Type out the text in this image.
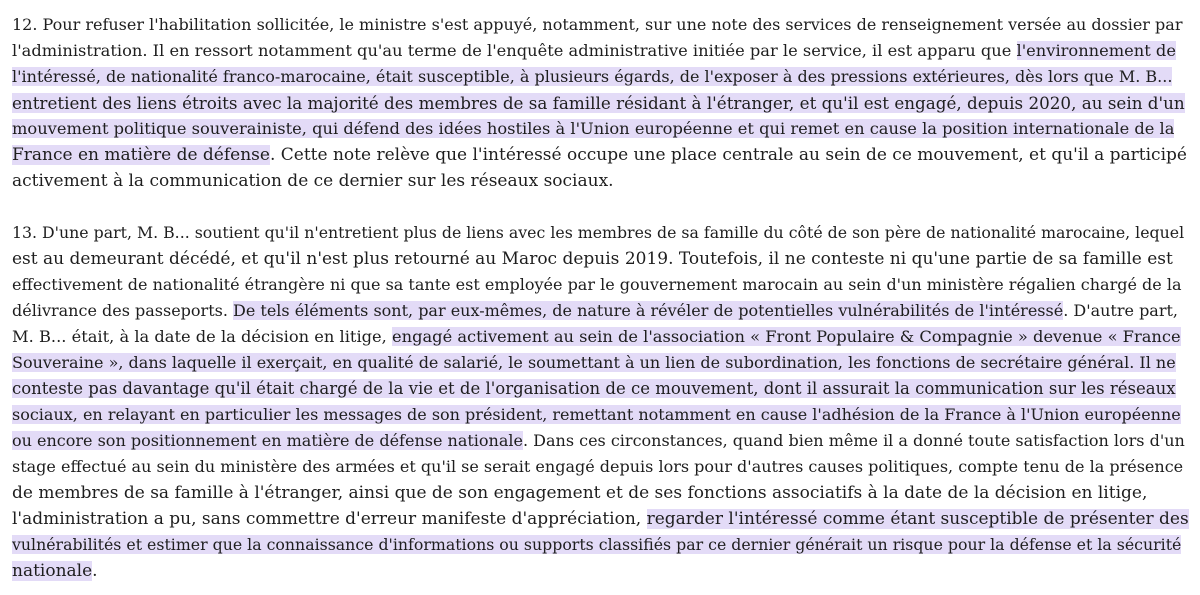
12. Pour refuser l'habilitation sollicitée, le ministre s'est appuyé, notamment, sur une note des services de renseignement versée au dossier par
l'administration. Il en ressort notamment qu'au terme de l'enquête administrative initiée par le service, il est apparu que l'environnement de
l'intéressé, de nationalité franco-marocaine, était susceptible, à plusieurs égards, de l'exposer à des pressions extérieures, dès lors que M. B...
entretient des liens étroits avec la majorité des membres de sa famille résidant à l'étranger, et qu'il est engagé, depuis 2020, au sein d'un
mouvement politique souverainiste, qui défend des idées hostiles à l'Union européenne et qui remet en cause la position internationale de la
France en matière de défense. Cette note relève que l'intéressé occupe une place centrale au sein de ce mouvement, et qu'il a participé
activement à la communication de ce dernier sur les réseaux sociaux.
13. D'une part, M. B... soutient qu'il n'entretient plus de liens avec les membres de sa famille du côté de son père de nationalité marocaine, lequel
est au demeurant décédé, et qu'il n'est plus retourné au Maroc depuis 2019. Toutefois, il ne conteste ni qu'une partie de sa famille est
effectivement de nationalité étrangère ni que sa tante est employée par le gouvernement marocain au sein d'un ministère régalien chargé de la
délivrance des passeports. De tels éléments sont, par eux-mêmes, de nature à révéler de potentielles vulnérabilités de l'intéressé. D'autre part,
M. B... était, à la date de la décision en litige, engagé activement au sein de l'association « Front Populaire & Compagnie » devenue « France
Souveraine », dans laquelle il exerçait, en qualité de salarié, le soumettant à un lien de subordination, les fonctions de secrétaire général. Il ne
conteste pas davantage qu'il était chargé de la vie et de l'organisation de ce mouvement, dont il assurait la communication sur les réseaux
sociaux, en relayant en particulier les messages de son président, remettant notamment en cause l'adhésion de la France à l'Union européenne
ou encore son positionnement en matière de défense nationale. Dans ces circonstances, quand bien même il a donné toute satisfaction lors d'un
stage effectué au sein du ministère des armées et qu'il se serait engagé depuis lors pour d'autres causes politiques, compte tenu de la présence
de membres de sa famille à l'étranger, ainsi que de son engagement et de ses fonctions associatifs à la date de la décision en litige,
l'administration a pu, sans commettre d'erreur manifeste d'appréciation, regarder l'intéressé comme étant susceptible de présenter des
vulnérabilités et estimer que la connaissance d'informations ou supports classifiés par ce dernier générait un risque pour la défense et la sécurité
nationale.
